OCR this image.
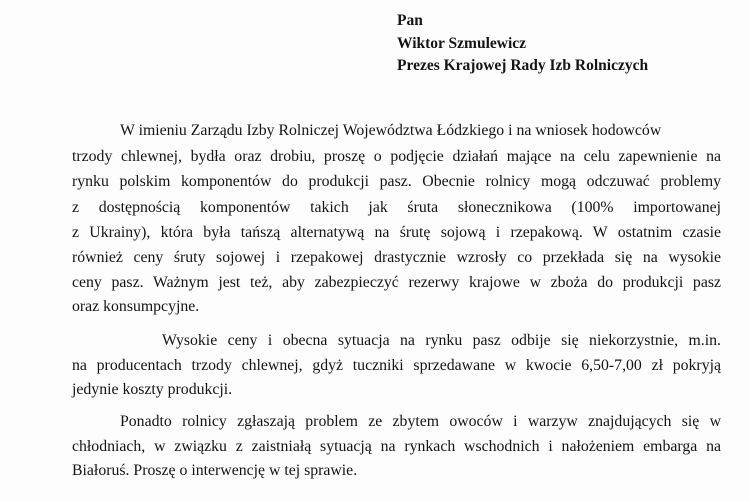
Pan
Wiktor Szmulewicz
Prezes Krajowej Rady Izb Rolniczych
W imieniu Zarządu Izby Rolniczej Województwa Łódzkiego i na wniosek hodowców
trzody chlewnej, bydła oraz drobiu, proszę o podjęcie działań mające na celu zapewnienie na
rynku polskim komponentów do produkcji pasz. Obecnie rolnicy mogą odczuwać problemy
z dostępnością komponentów takich jak śruta słonecznikowa (100% importowanej
z Ukrainy), która była tańszą alternatywą na śrutę sojową i rzepakową. W ostatnim czasie
również ceny śruty sojowej i rzepakowej drastycznie wzrosły co przekłada się na wysokie
ceny pasz. Ważnym jest też, aby zabezpieczyć rezerwy krajowe w zboża do produkcji pasz
oraz konsumpcyjne.
Wysokie ceny i obecna sytuacja na rynku pasz odbije się niekorzystnie, m.in.
na producentach trzody chlewnej, gdyż tuczniki sprzedawane w kwocie 6,50-7,00 zł pokryją
jedynie koszty produkcji.
Ponadto rolnicy zgłaszają problem ze zbytem owoców i warzyw znajdujących się w
chłodniach, w związku z zaistniałą sytuacją na rynkach wschodnich i nałożeniem embarga na
Białoruś. Proszę o interwencję w tej sprawie.
